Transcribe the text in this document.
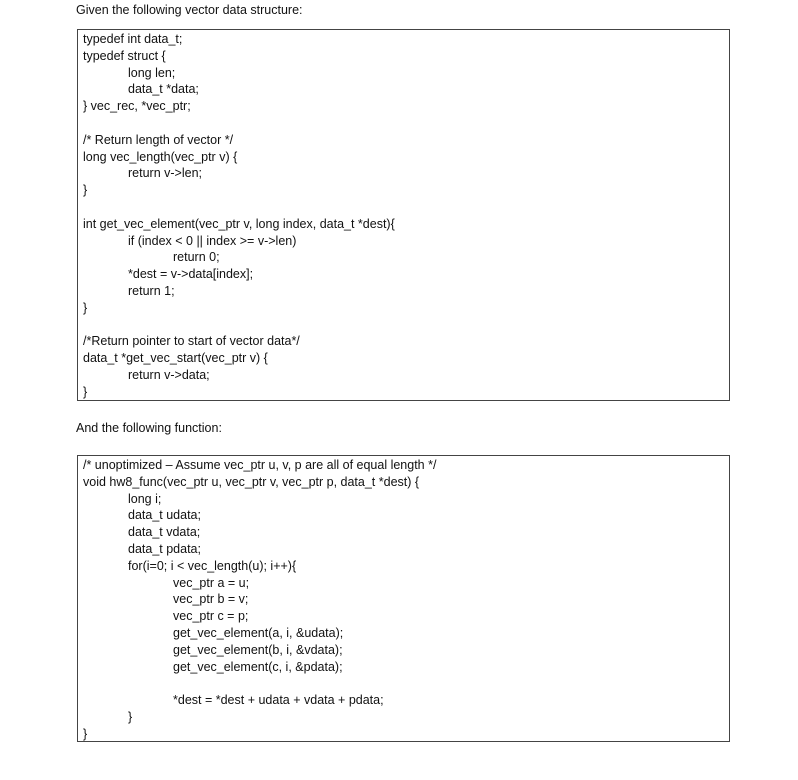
Given the following vector data structure:

typedef int data_t;
typedef struct {
long len;
data_t *data;
} vec_rec, *vec_ptr;
/* Return length of vector */
long vec_length(vec_ptr v) {
return v->len;
}
int get_vec_element(vec_ptr v, long index, data_t *dest){
if (index < 0 || index >= v->len)
return 0;
*dest = v->data[index];
return 1;
}
/*Return pointer to start of vector data*/
data_t *get_vec_start(vec_ptr v) {
return v->data;
}

And the following function:

/* unoptimized – Assume vec_ptr u, v, p are all of equal length */
void hw8_func(vec_ptr u, vec_ptr v, vec_ptr p, data_t *dest) {
long i;
data_t udata;
data_t vdata;
data_t pdata;
for(i=0; i < vec_length(u); i++){
vec_ptr a = u;
vec_ptr b = v;
vec_ptr c = p;
get_vec_element(a, i, &udata);
get_vec_element(b, i, &vdata);
get_vec_element(c, i, &pdata);
*dest = *dest + udata + vdata + pdata;
}
}
